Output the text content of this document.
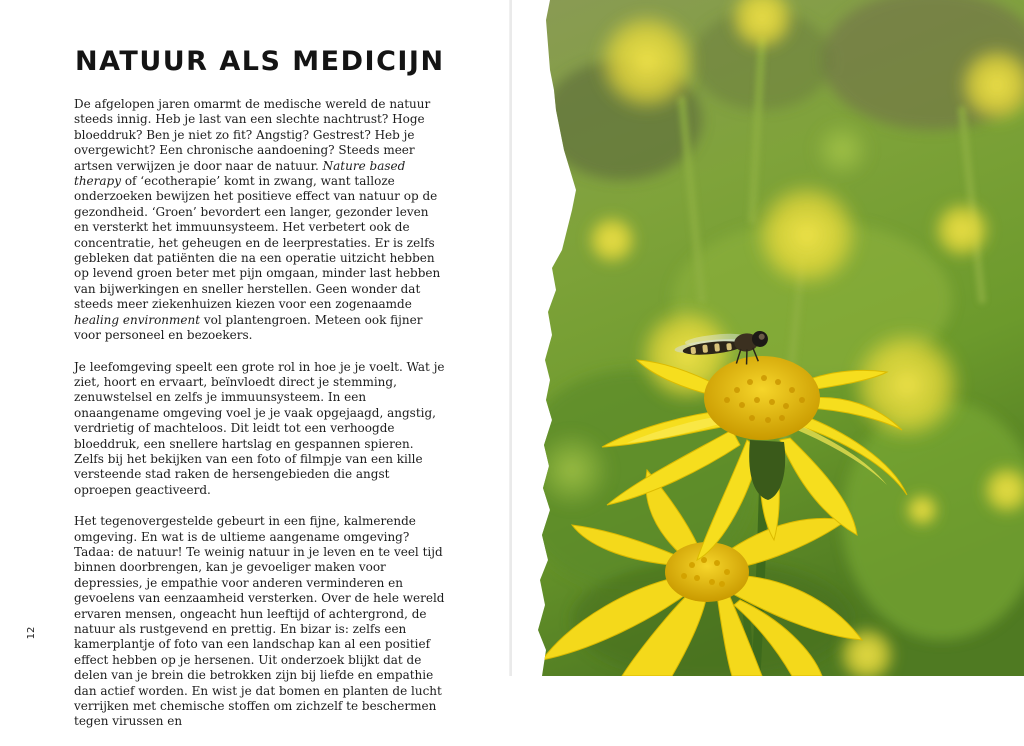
NATUUR ALS MEDICIJN

De afgelopen jaren omarmt de medische wereld de natuur steeds innig. Heb je last van een slechte nachtrust? Hoge bloeddruk? Ben je niet zo fit? Angstig? Gestrest? Heb je overgewicht? Een chronische aandoening? Steeds meer artsen verwijzen je door naar de natuur. Nature based therapy of ‘ecotherapie’ komt in zwang, want talloze onderzoeken bewijzen het positieve effect van natuur op de gezondheid. ‘Groen’ bevordert een langer, gezonder leven en versterkt het immuunsysteem. Het verbetert ook de concentratie, het geheugen en de leerprestaties. Er is zelfs gebleken dat patiënten die na een operatie uitzicht hebben op levend groen beter met pijn omgaan, minder last hebben van bijwerkingen en sneller herstellen. Geen wonder dat steeds meer ziekenhuizen kiezen voor een zogenaamde healing environment vol plantengroen. Meteen ook fijner voor personeel en bezoekers.

Je leefomgeving speelt een grote rol in hoe je je voelt. Wat je ziet, hoort en ervaart, beïnvloedt direct je stemming, zenuwstelsel en zelfs je immuunsysteem. In een onaangename omgeving voel je je vaak opgejaagd, angstig, verdrietig of machteloos. Dit leidt tot een verhoogde bloeddruk, een snellere hartslag en gespannen spieren. Zelfs bij het bekijken van een foto of filmpje van een kille versteende stad raken de hersengebieden die angst oproepen geactiveerd.

Het tegenovergestelde gebeurt in een fijne, kalmerende omgeving. En wat is de ultieme aangename omgeving? Tadaa: de natuur! Te weinig natuur in je leven en te veel tijd binnen doorbrengen, kan je gevoeliger maken voor depressies, je empathie voor anderen verminderen en gevoelens van eenzaamheid versterken. Over de hele wereld ervaren mensen, ongeacht hun leeftijd of achtergrond, de natuur als rustgevend en prettig. En bizar is: zelfs een kamerplantje of foto van een landschap kan al een positief effect hebben op je hersenen. Uit onderzoek blijkt dat de delen van je brein die betrokken zijn bij liefde en empathie dan actief worden. En wist je dat bomen en planten de lucht verrijken met chemische stoffen om zichzelf te beschermen tegen virussen en

12
